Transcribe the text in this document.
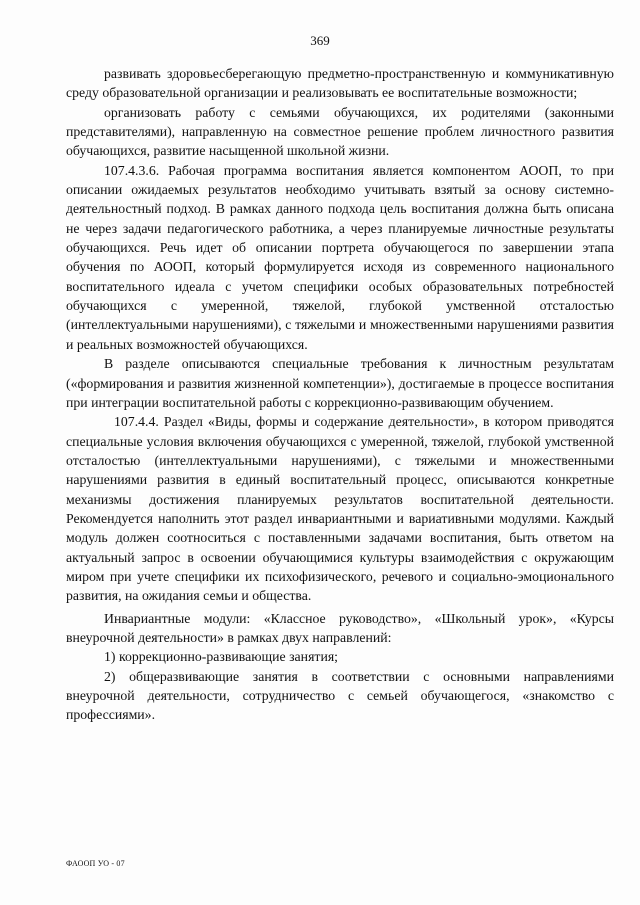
369

развивать здоровьесберегающую предметно-пространственную и коммуникативную среду образовательной организации и реализовывать ее воспитательные возможности;

организовать работу с семьями обучающихся, их родителями (законными представителями), направленную на совместное решение проблем личностного развития обучающихся, развитие насыщенной школьной жизни.

107.4.3.6. Рабочая программа воспитания является компонентом АООП, то при описании ожидаемых результатов необходимо учитывать взятый за основу системно-деятельностный подход. В рамках данного подхода цель воспитания должна быть описана не через задачи педагогического работника, а через планируемые личностные результаты обучающихся. Речь идет об описании портрета обучающегося по завершении этапа обучения по АООП, который формулируется исходя из современного национального воспитательного идеала с учетом специфики особых образовательных потребностей обучающихся с умеренной, тяжелой, глубокой умственной отсталостью (интеллектуальными нарушениями), с тяжелыми и множественными нарушениями развития и реальных возможностей обучающихся.

В разделе описываются специальные требования к личностным результатам («формирования и развития жизненной компетенции»), достигаемые в процессе воспитания при интеграции воспитательной работы с коррекционно-развивающим обучением.

107.4.4. Раздел «Виды, формы и содержание деятельности», в котором приводятся специальные условия включения обучающихся с умеренной, тяжелой, глубокой умственной отсталостью (интеллектуальными нарушениями), с тяжелыми и множественными нарушениями развития в единый воспитательный процесс, описываются конкретные механизмы достижения планируемых результатов воспитательной деятельности. Рекомендуется наполнить этот раздел инвариантными и вариативными модулями. Каждый модуль должен соотноситься с поставленными задачами воспитания, быть ответом на актуальный запрос в освоении обучающимися культуры взаимодействия с окружающим миром при учете специфики их психофизического, речевого и социально-эмоционального развития, на ожидания семьи и общества.

Инвариантные модули: «Классное руководство», «Школьный урок», «Курсы внеурочной деятельности» в рамках двух направлений:

1) коррекционно-развивающие занятия;

2) общеразвивающие занятия в соответствии с основными направлениями внеурочной деятельности, сотрудничество с семьей обучающегося, «знакомство с профессиями».

ФАООП УО - 07
